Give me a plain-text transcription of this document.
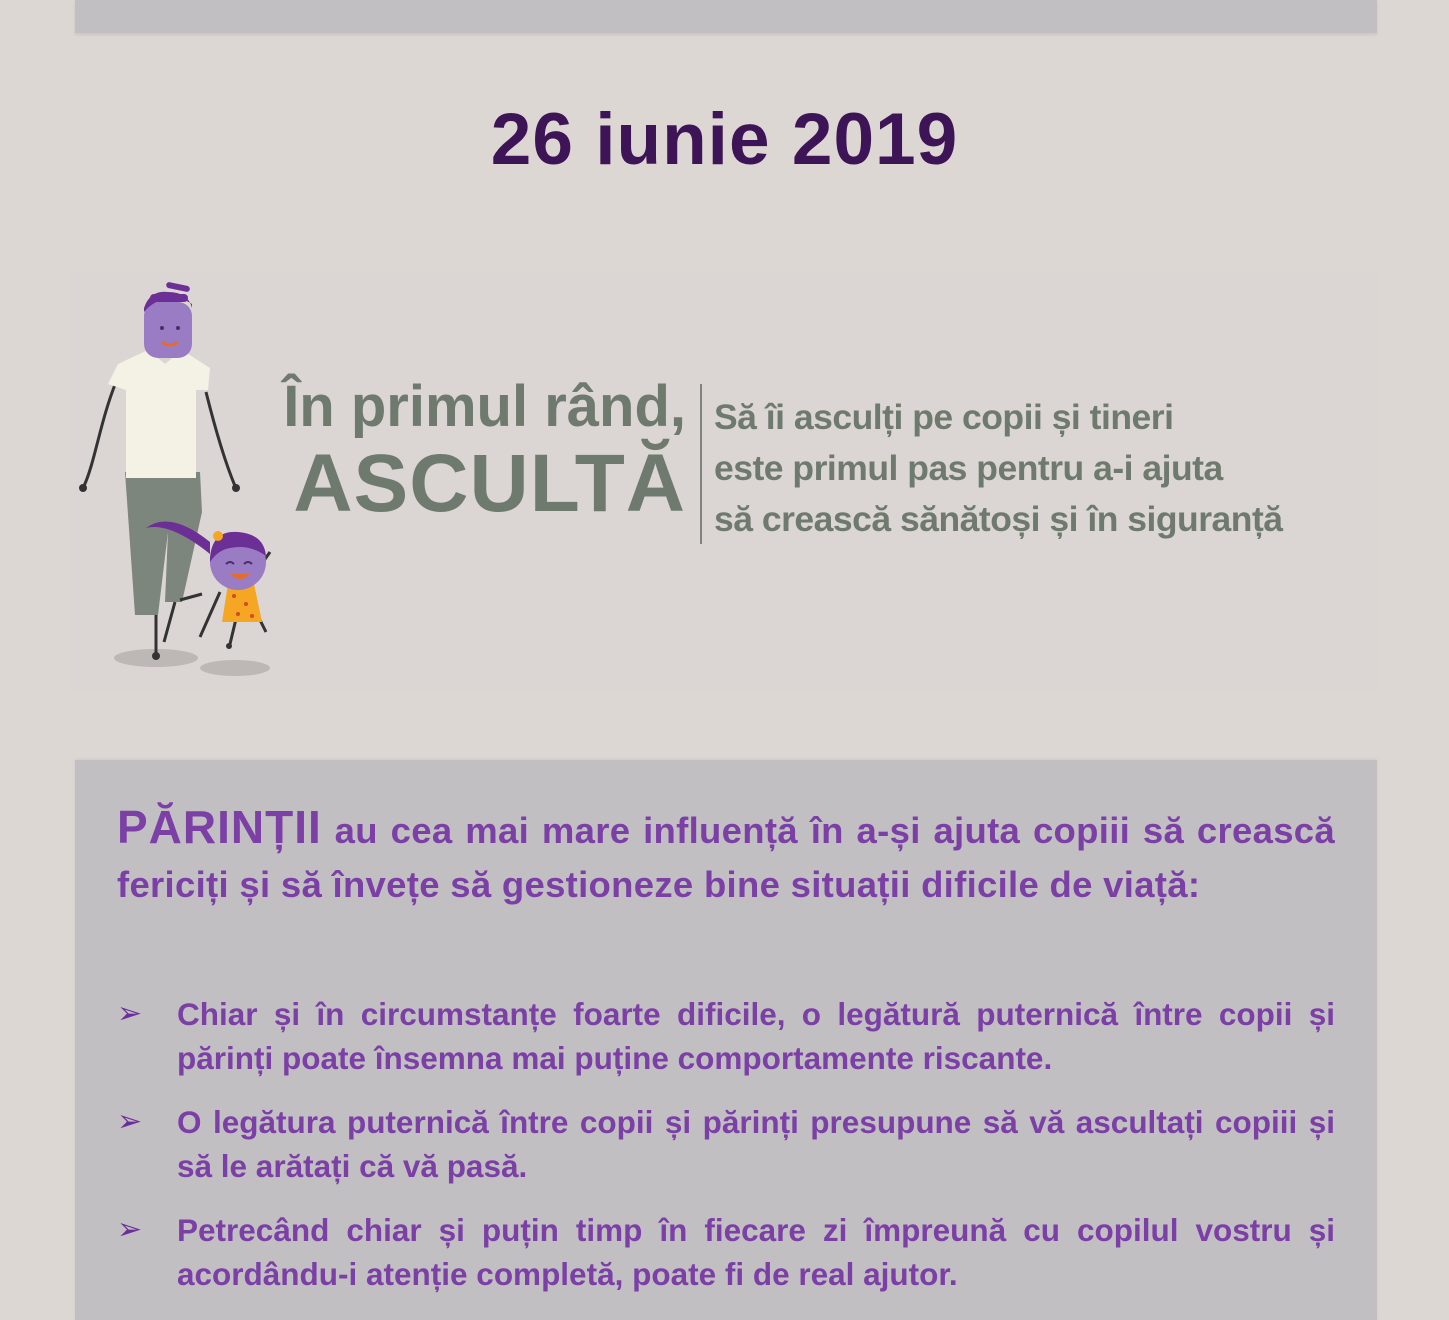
26 iunie 2019
În primul rând,
ASCULTĂ
Să îi asculți pe copii și tineri
este primul pas pentru a-i ajuta
să crească sănătoși și în siguranță
PĂRINȚII au cea mai mare influență în a-și ajuta copiii să crească fericiți și să învețe să gestioneze bine situații dificile de viață:
➢ Chiar și în circumstanțe foarte dificile, o legătură puternică între copii și părinți poate însemna mai puține comportamente riscante.
➢ O legătura puternică între copii și părinți presupune să vă ascultați copiii și să le arătați că vă pasă.
➢ Petrecând chiar și puțin timp în fiecare zi împreună cu copilul vostru și acordându-i atenție completă, poate fi de real ajutor.
